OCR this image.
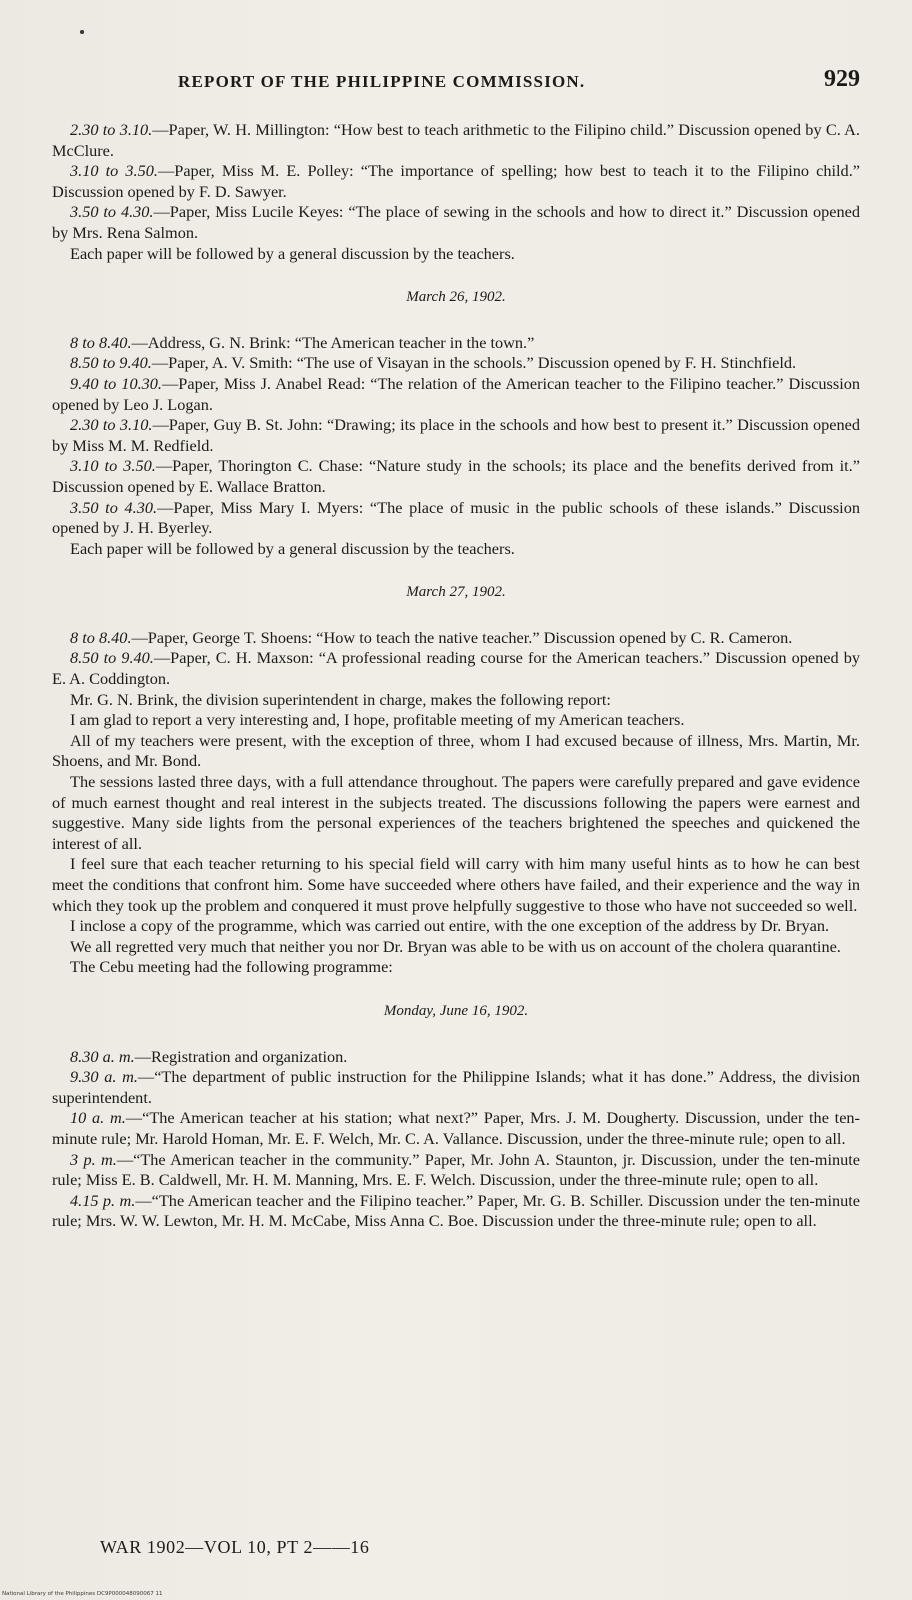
REPORT OF THE PHILIPPINE COMMISSION.	929

2.30 to 3.10.—Paper, W. H. Millington: “How best to teach arithmetic to the Filipino child.” Discussion opened by C. A. McClure.

3.10 to 3.50.—Paper, Miss M. E. Polley: “The importance of spelling; how best to teach it to the Filipino child.” Discussion opened by F. D. Sawyer.

3.50 to 4.30.—Paper, Miss Lucile Keyes: “The place of sewing in the schools and how to direct it.” Discussion opened by Mrs. Rena Salmon.

Each paper will be followed by a general discussion by the teachers.

March 26, 1902.

8 to 8.40.—Address, G. N. Brink: “The American teacher in the town.”

8.50 to 9.40.—Paper, A. V. Smith: “The use of Visayan in the schools.” Discussion opened by F. H. Stinchfield.

9.40 to 10.30.—Paper, Miss J. Anabel Read: “The relation of the American teacher to the Filipino teacher.” Discussion opened by Leo J. Logan.

2.30 to 3.10.—Paper, Guy B. St. John: “Drawing; its place in the schools and how best to present it.” Discussion opened by Miss M. M. Redfield.

3.10 to 3.50.—Paper, Thorington C. Chase: “Nature study in the schools; its place and the benefits derived from it.” Discussion opened by E. Wallace Bratton.

3.50 to 4.30.—Paper, Miss Mary I. Myers: “The place of music in the public schools of these islands.” Discussion opened by J. H. Byerley.

Each paper will be followed by a general discussion by the teachers.

March 27, 1902.

8 to 8.40.—Paper, George T. Shoens: “How to teach the native teacher.” Discussion opened by C. R. Cameron.

8.50 to 9.40.—Paper, C. H. Maxson: “A professional reading course for the American teachers.” Discussion opened by E. A. Coddington.

Mr. G. N. Brink, the division superintendent in charge, makes the following report:

I am glad to report a very interesting and, I hope, profitable meeting of my American teachers.

All of my teachers were present, with the exception of three, whom I had excused because of illness, Mrs. Martin, Mr. Shoens, and Mr. Bond.

The sessions lasted three days, with a full attendance throughout. The papers were carefully prepared and gave evidence of much earnest thought and real interest in the subjects treated. The discussions following the papers were earnest and suggestive. Many side lights from the personal experiences of the teachers brightened the speeches and quickened the interest of all.

I feel sure that each teacher returning to his special field will carry with him many useful hints as to how he can best meet the conditions that confront him. Some have succeeded where others have failed, and their experience and the way in which they took up the problem and conquered it must prove helpfully suggestive to those who have not succeeded so well.

I inclose a copy of the programme, which was carried out entire, with the one exception of the address by Dr. Bryan.

We all regretted very much that neither you nor Dr. Bryan was able to be with us on account of the cholera quarantine.

The Cebu meeting had the following programme:

Monday, June 16, 1902.

8.30 a. m.—Registration and organization.

9.30 a. m.—“The department of public instruction for the Philippine Islands; what it has done.” Address, the division superintendent.

10 a. m.—“The American teacher at his station; what next?” Paper, Mrs. J. M. Dougherty. Discussion, under the ten-minute rule; Mr. Harold Homan, Mr. E. F. Welch, Mr. C. A. Vallance. Discussion, under the three-minute rule; open to all.

3 p. m.—“The American teacher in the community.” Paper, Mr. John A. Staunton, jr. Discussion, under the ten-minute rule; Miss E. B. Caldwell, Mr. H. M. Manning, Mrs. E. F. Welch. Discussion, under the three-minute rule; open to all.

4.15 p. m.—“The American teacher and the Filipino teacher.” Paper, Mr. G. B. Schiller. Discussion under the ten-minute rule; Mrs. W. W. Lewton, Mr. H. M. McCabe, Miss Anna C. Boe. Discussion under the three-minute rule; open to all.

WAR 1902—VOL 10, PT 2——16
National Library of the Philippines DC9P000048090067 11
